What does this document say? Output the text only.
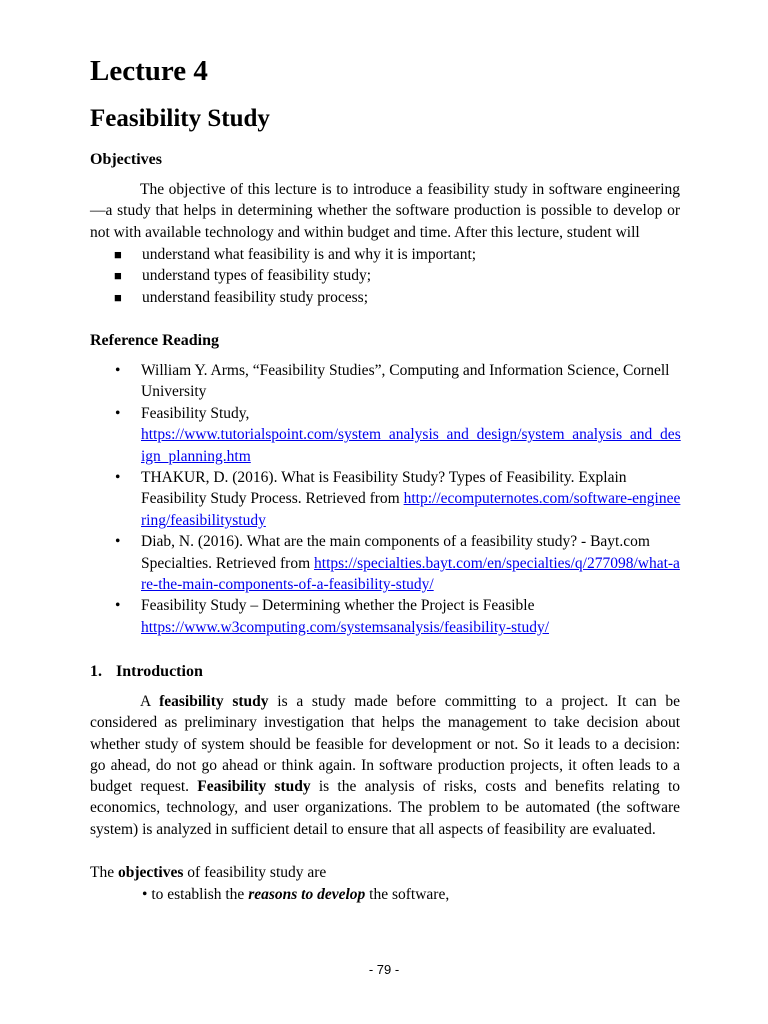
Lecture 4
Feasibility Study
Objectives

The objective of this lecture is to introduce a feasibility study in software engineering —a study that helps in determining whether the software production is possible to develop or not with available technology and within budget and time. After this lecture, student will

■ understand what feasibility is and why it is important;
■ understand types of feasibility study;
■ understand feasibility study process;
Reference Reading
• William Y. Arms, “Feasibility Studies”, Computing and Information Science, Cornell University
• Feasibility Study,
https://www.tutorialspoint.com/system_analysis_and_design/system_analysis_and_design_planning.htm
• THAKUR, D. (2016). What is Feasibility Study? Types of Feasibility. Explain Feasibility Study Process. Retrieved from http://ecomputernotes.com/software-engineering/feasibilitystudy
• Diab, N. (2016). What are the main components of a feasibility study? - Bayt.com Specialties. Retrieved from https://specialties.bayt.com/en/specialties/q/277098/what-are-the-main-components-of-a-feasibility-study/
• Feasibility Study – Determining whether the Project is Feasible
https://www.w3computing.com/systemsanalysis/feasibility-study/
1. Introduction

A feasibility study is a study made before committing to a project. It can be considered as preliminary investigation that helps the management to take decision about whether study of system should be feasible for development or not. So it leads to a decision: go ahead, do not go ahead or think again. In software production projects, it often leads to a budget request. Feasibility study is the analysis of risks, costs and benefits relating to economics, technology, and user organizations. The problem to be automated (the software system) is analyzed in sufficient detail to ensure that all aspects of feasibility are evaluated.

The objectives of feasibility study are

• to establish the reasons to develop the software,

- 79 -
